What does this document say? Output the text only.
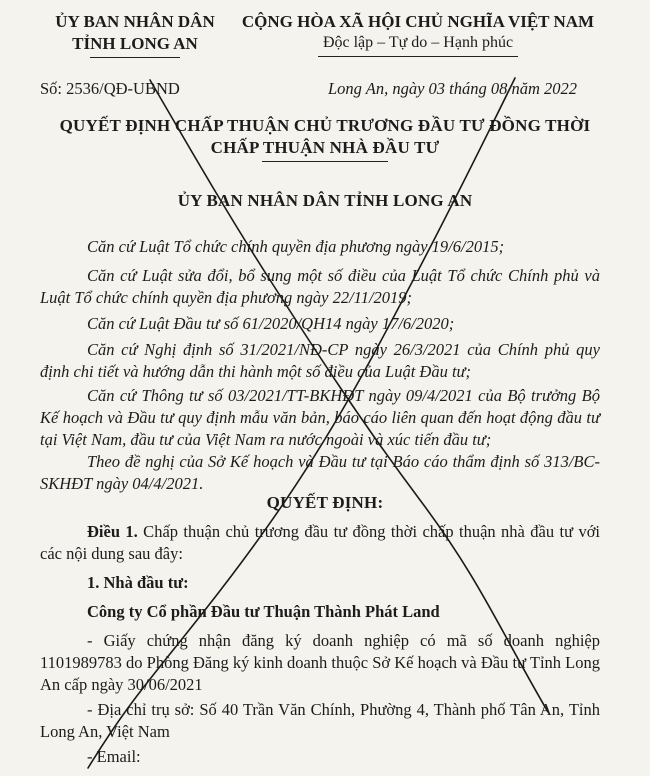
ỦY BAN NHÂN DÂN
TỈNH LONG AN
CỘNG HÒA XÃ HỘI CHỦ NGHĨA VIỆT NAM
Độc lập – Tự do – Hạnh phúc
Số: 2536/QĐ-UBND	Long An, ngày 03 tháng 08 năm 2022
QUYẾT ĐỊNH CHẤP THUẬN CHỦ TRƯƠNG ĐẦU TƯ ĐỒNG THỜI
CHẤP THUẬN NHÀ ĐẦU TƯ
ỦY BAN NHÂN DÂN TỈNH LONG AN
Căn cứ Luật Tổ chức chính quyền địa phương ngày 19/6/2015;
Căn cứ Luật sửa đổi, bổ sung một số điều của Luật Tổ chức Chính phủ và Luật Tổ chức chính quyền địa phương ngày 22/11/2019;
Căn cứ Luật Đầu tư số 61/2020/QH14 ngày 17/6/2020;
Căn cứ Nghị định số 31/2021/NĐ-CP ngày 26/3/2021 của Chính phủ quy định chi tiết và hướng dẫn thi hành một số điều của Luật Đầu tư;
Căn cứ Thông tư số 03/2021/TT-BKHĐT ngày 09/4/2021 của Bộ trưởng Bộ Kế hoạch và Đầu tư quy định mẫu văn bản, báo cáo liên quan đến hoạt động đầu tư tại Việt Nam, đầu tư của Việt Nam ra nước ngoài và xúc tiến đầu tư;
Theo đề nghị của Sở Kế hoạch và Đầu tư tại Báo cáo thẩm định số 313/BC-SKHĐT ngày 04/4/2021.
QUYẾT ĐỊNH:
Điều 1. Chấp thuận chủ trương đầu tư đồng thời chấp thuận nhà đầu tư với các nội dung sau đây:
1. Nhà đầu tư:
Công ty Cổ phần Đầu tư Thuận Thành Phát Land
- Giấy chứng nhận đăng ký doanh nghiệp có mã số doanh nghiệp 1101989783 do Phòng Đăng ký kinh doanh thuộc Sở Kế hoạch và Đầu tư Tỉnh Long An cấp ngày 30/06/2021
- Địa chỉ trụ sở: Số 40 Trần Văn Chính, Phường 4, Thành phố Tân An, Tỉnh Long An, Việt Nam
- Email:
